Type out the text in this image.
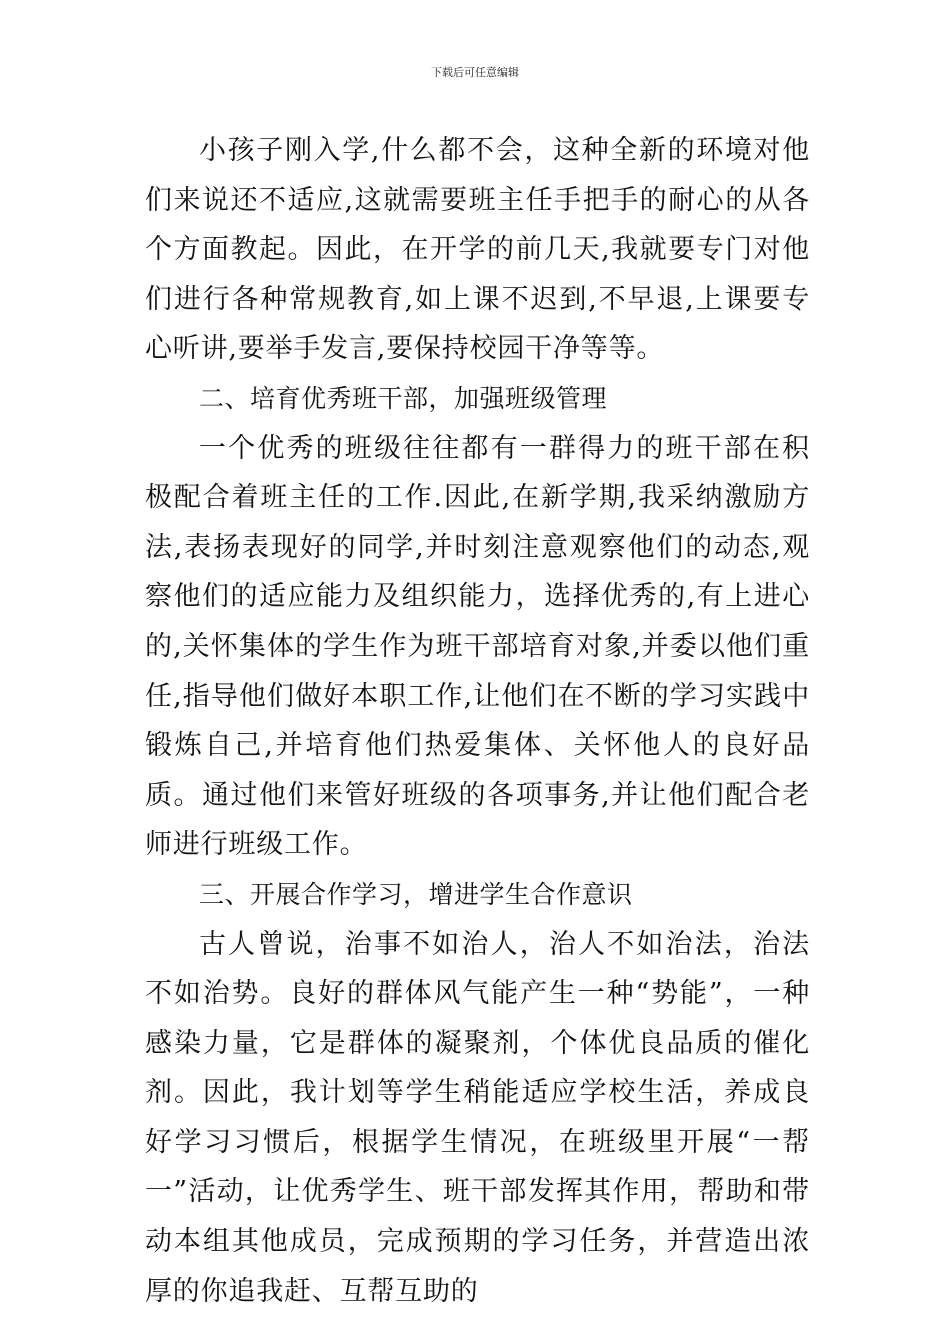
下载后可任意编辑

小孩子刚入学,什么都不会，这种全新的环境对他们来说还不适应,这就需要班主任手把手的耐心的从各个方面教起。因此，在开学的前几天,我就要专门对他们进行各种常规教育,如上课不迟到,不早退,上课要专心听讲,要举手发言,要保持校园干净等等。

二、培育优秀班干部，加强班级管理

一个优秀的班级往往都有一群得力的班干部在积极配合着班主任的工作.因此,在新学期,我采纳激励方法,表扬表现好的同学,并时刻注意观察他们的动态,观察他们的适应能力及组织能力，选择优秀的,有上进心的,关怀集体的学生作为班干部培育对象,并委以他们重任,指导他们做好本职工作,让他们在不断的学习实践中锻炼自己,并培育他们热爱集体、关怀他人的良好品质。通过他们来管好班级的各项事务,并让他们配合老师进行班级工作。

三、开展合作学习，增进学生合作意识

古人曾说，治事不如治人，治人不如治法，治法不如治势。良好的群体风气能产生一种“势能”，一种感染力量，它是群体的凝聚剂，个体优良品质的催化剂。因此，我计划等学生稍能适应学校生活，养成良好学习习惯后，根据学生情况，在班级里开展“一帮一”活动，让优秀学生、班干部发挥其作用，帮助和带动本组其他成员，完成预期的学习任务，并营造出浓厚的你追我赶、互帮互助的
